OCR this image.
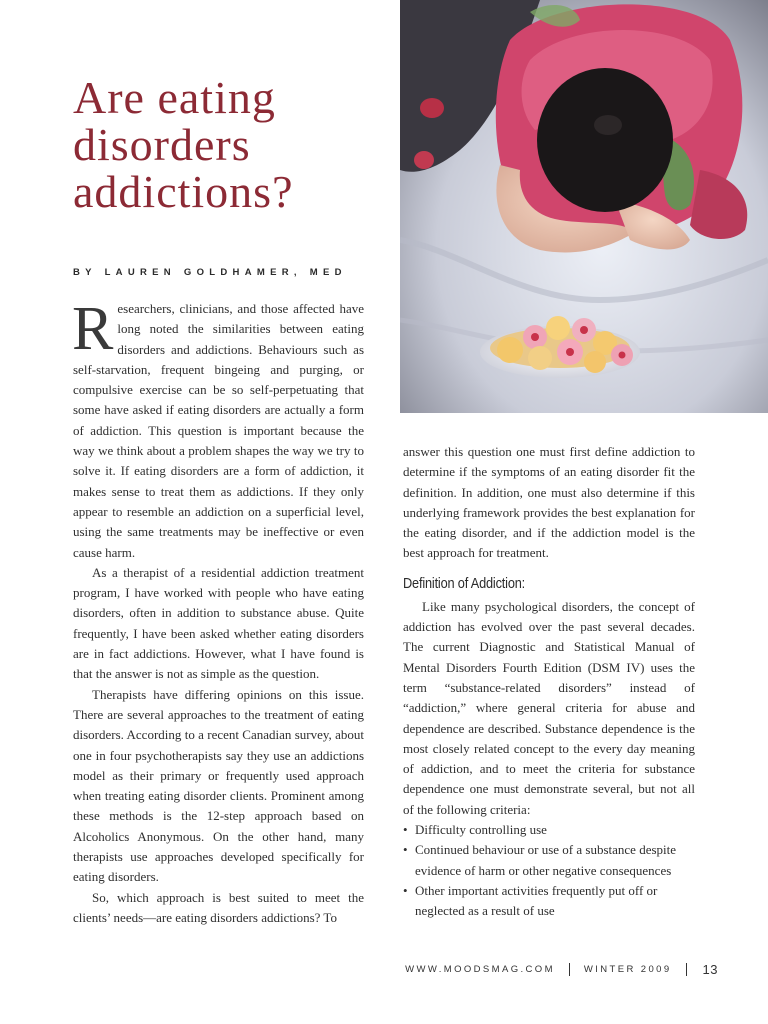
Are eating
disorders
addictions?

BY LAUREN GOLDHAMER, MED

Researchers, clinicians, and those affected have long noted the similarities between eating disorders and addictions. Behaviours such as self-starvation, frequent bingeing and purging, or compulsive exercise can be so self-perpetuating that some have asked if eating disorders are actually a form of addiction. This question is important because the way we think about a problem shapes the way we try to solve it. If eating disorders are a form of addiction, it makes sense to treat them as addictions. If they only appear to resemble an addiction on a superficial level, using the same treatments may be ineffective or even cause harm.

As a therapist of a residential addiction treatment program, I have worked with people who have eating disorders, often in addition to substance abuse. Quite frequently, I have been asked whether eating disorders are in fact addictions. However, what I have found is that the answer is not as simple as the question.

Therapists have differing opinions on this issue. There are several approaches to the treatment of eating disorders. According to a recent Canadian survey, about one in four psychotherapists say they use an addictions model as their primary or frequently used approach when treating eating disorder clients. Prominent among these methods is the 12-step approach based on Alcoholics Anonymous. On the other hand, many therapists use approaches developed specifically for eating disorders.

So, which approach is best suited to meet the clients’ needs—are eating disorders addictions? To

answer this question one must first define addiction to determine if the symptoms of an eating disorder fit the definition. In addition, one must also determine if this underlying framework provides the best explanation for the eating disorder, and if the addiction model is the best approach for treatment.

Definition of Addiction:

Like many psychological disorders, the concept of addiction has evolved over the past several decades. The current Diagnostic and Statistical Manual of Mental Disorders Fourth Edition (DSM IV) uses the term “substance-related disorders” instead of “addiction,” where general criteria for abuse and dependence are described. Substance dependence is the most closely related concept to the every day meaning of addiction, and to meet the criteria for substance dependence one must demonstrate several, but not all of the following criteria:

• Difficulty controlling use
• Continued behaviour or use of a substance despite evidence of harm or other negative consequences
• Other important activities frequently put off or neglected as a result of use
WWW.MOODSMAG.COM	WINTER 2009 13
